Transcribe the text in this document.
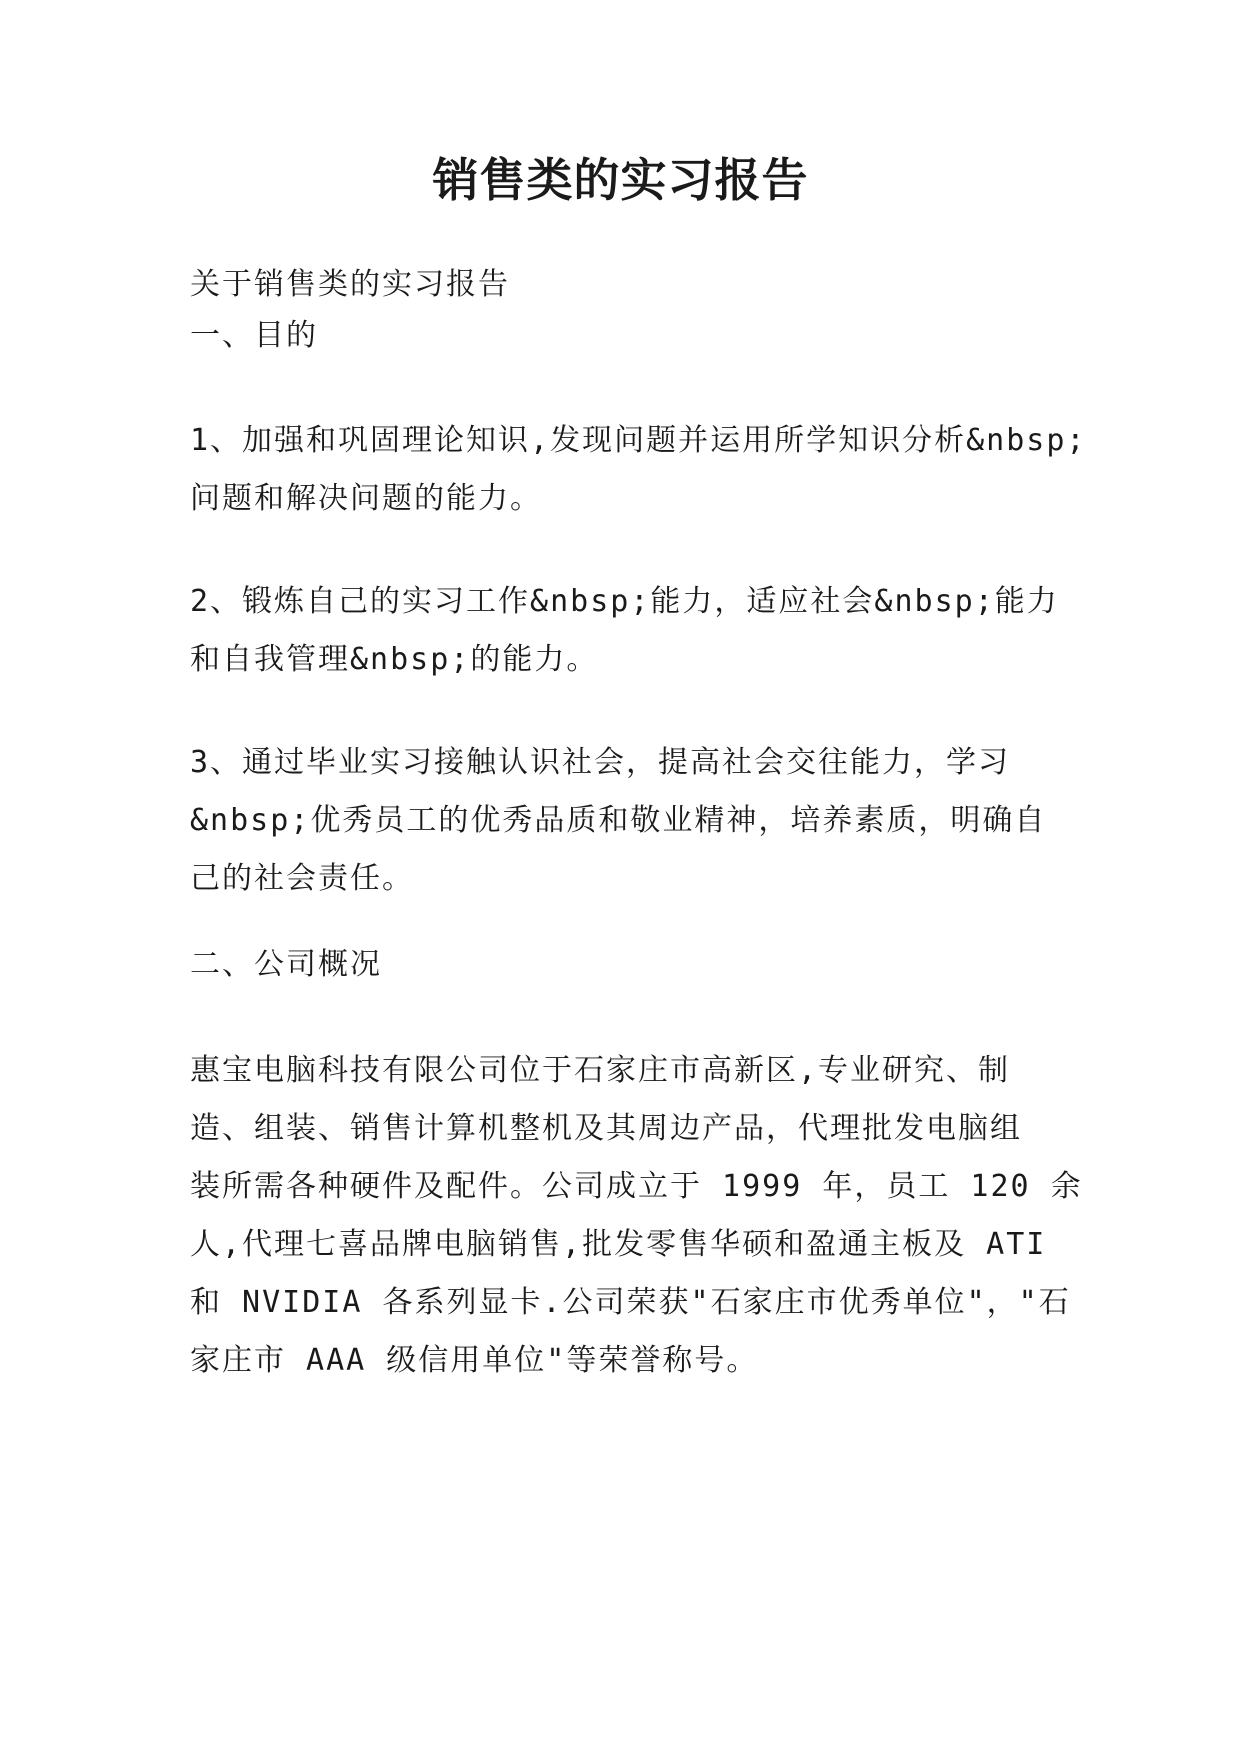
销售类的实习报告

关于销售类的实习报告

一、目的

1、加强和巩固理论知识,发现问题并运用所学知识分析&nbsp;
问题和解决问题的能力。

2、锻炼自己的实习工作&nbsp;能力，适应社会&nbsp;能力
和自我管理&nbsp;的能力。

3、通过毕业实习接触认识社会，提高社会交往能力，学习
&nbsp;优秀员工的优秀品质和敬业精神，培养素质，明确自
己的社会责任。

二、公司概况

惠宝电脑科技有限公司位于石家庄市高新区,专业研究、制
造、组装、销售计算机整机及其周边产品，代理批发电脑组
装所需各种硬件及配件。公司成立于 1999 年，员工 120 余
人,代理七喜品牌电脑销售,批发零售华硕和盈通主板及 ATI
和 NVIDIA 各系列显卡.公司荣获"石家庄市优秀单位"，"石
家庄市 AAA 级信用单位"等荣誉称号。
